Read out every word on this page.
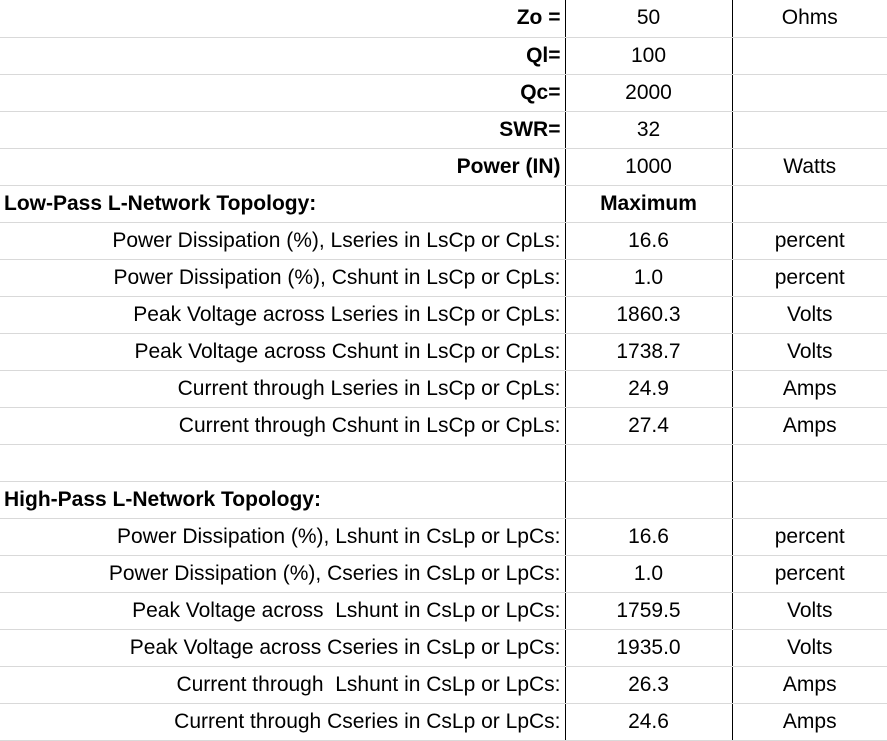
Zo =	50	Ohms
Ql=	100	
Qc=	2000	
SWR=	32	
Power (IN)	1000	Watts
Low-Pass L-Network Topology:	Maximum	
Power Dissipation (%), Lseries in LsCp or CpLs:	16.6	percent
Power Dissipation (%), Cshunt in LsCp or CpLs:	1.0	percent
Peak Voltage across Lseries in LsCp or CpLs:	1860.3	Volts
Peak Voltage across Cshunt in LsCp or CpLs:	1738.7	Volts
Current through Lseries in LsCp or CpLs:	24.9	Amps
Current through Cshunt in LsCp or CpLs:	27.4	Amps

High-Pass L-Network Topology:		
Power Dissipation (%), Lshunt in CsLp or LpCs:	16.6	percent
Power Dissipation (%), Cseries in CsLp or LpCs:	1.0	percent
Peak Voltage across  Lshunt in CsLp or LpCs:	1759.5	Volts
Peak Voltage across Cseries in CsLp or LpCs:	1935.0	Volts
Current through  Lshunt in CsLp or LpCs:	26.3	Amps
Current through Cseries in CsLp or LpCs:	24.6	Amps
